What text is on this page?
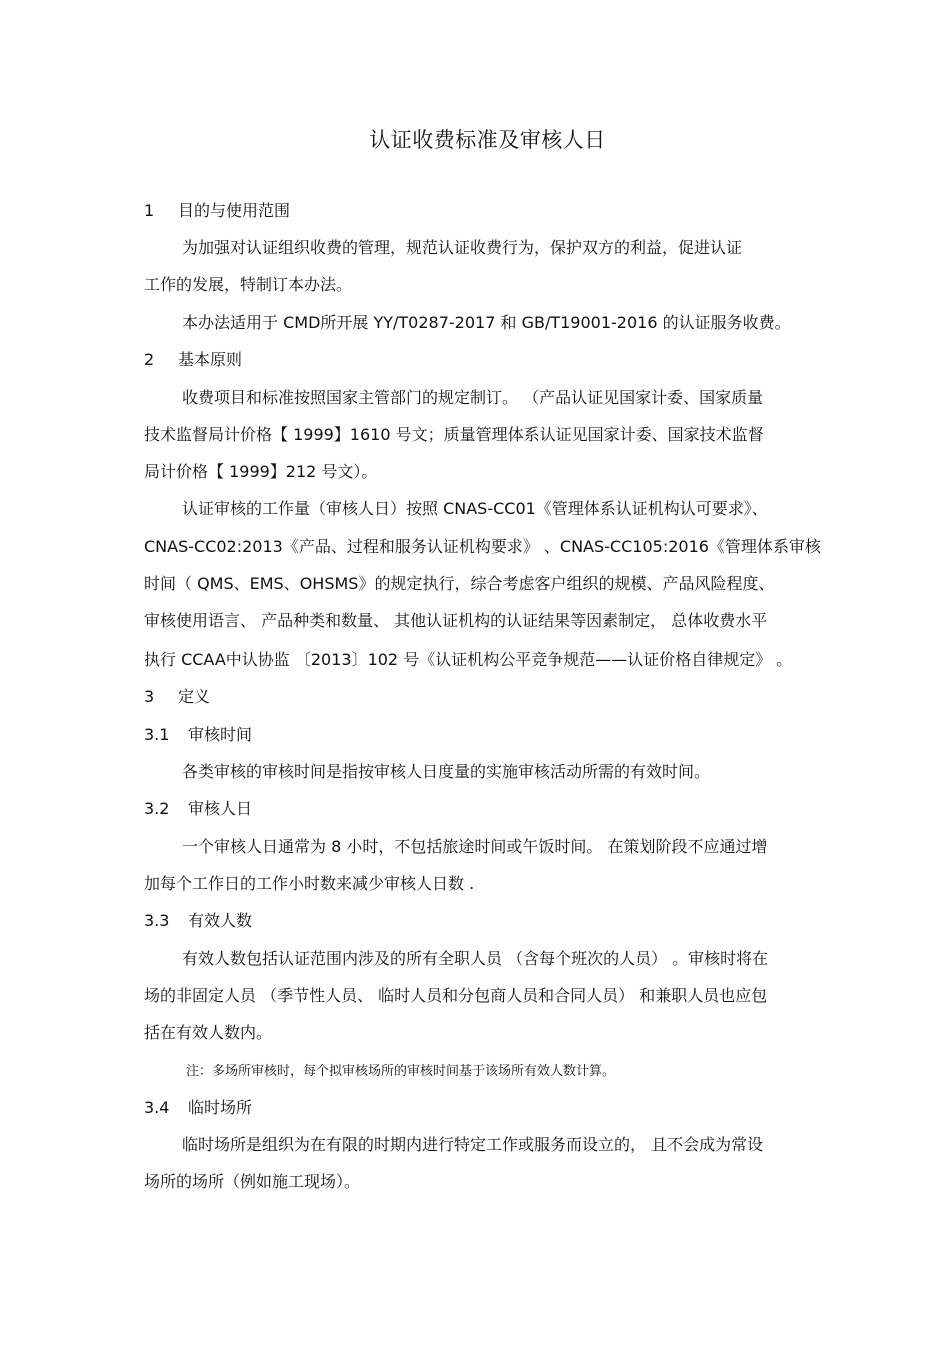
认证收费标准及审核人日
1 目的与使用范围
为加强对认证组织收费的管理，规范认证收费行为，保护双方的利益，促进认证
工作的发展，特制订本办法。
本办法适用于 CMD所开展 YY/T0287-2017 和 GB/T19001-2016 的认证服务收费。
2 基本原则
收费项目和标准按照国家主管部门的规定制订。 （产品认证见国家计委、国家质量
技术监督局计价格【 1999】1610 号文；质量管理体系认证见国家计委、国家技术监督
局计价格【 1999】212 号文）。
认证审核的工作量（审核人日）按照 CNAS-CC01《管理体系认证机构认可要求》、
CNAS-CC02:2013《产品、过程和服务认证机构要求》 、CNAS-CC105:2016《管理体系审核
时间（ QMS、EMS、OHSMS》的规定执行，综合考虑客户组织的规模、产品风险程度、
审核使用语言、 产品种类和数量、 其他认证机构的认证结果等因素制定， 总体收费水平
执行 CCAA中认协监 〔2013〕102 号《认证机构公平竞争规范——认证价格自律规定》 。
3 定义
3.1 审核时间
各类审核的审核时间是指按审核人日度量的实施审核活动所需的有效时间。
3.2 审核人日
一个审核人日通常为 8 小时，不包括旅途时间或午饭时间。 在策划阶段不应通过增
加每个工作日的工作小时数来减少审核人日数 .
3.3 有效人数
有效人数包括认证范围内涉及的所有全职人员 （含每个班次的人员） 。审核时将在
场的非固定人员 （季节性人员、 临时人员和分包商人员和合同人员） 和兼职人员也应包
括在有效人数内。
注：多场所审核时，每个拟审核场所的审核时间基于该场所有效人数计算。
3.4 临时场所
临时场所是组织为在有限的时期内进行特定工作或服务而设立的， 且不会成为常设
场所的场所（例如施工现场）。
